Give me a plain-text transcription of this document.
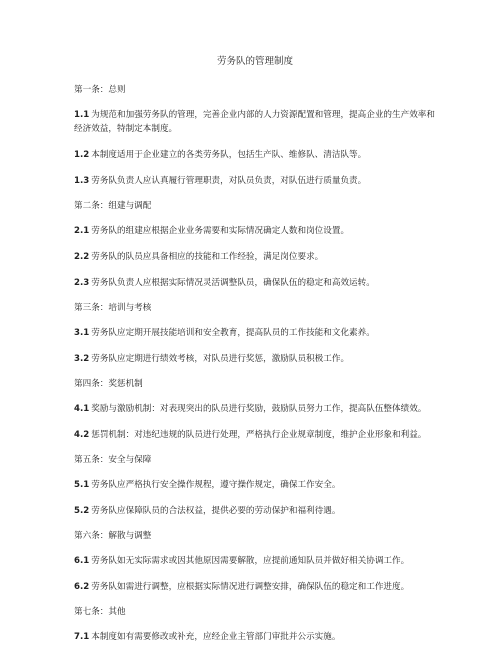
劳务队的管理制度
第一条：总则

1.1 为规范和加强劳务队的管理，完善企业内部的人力资源配置和管理，提高企业的生产效率和经济效益，特制定本制度。

1.2 本制度适用于企业建立的各类劳务队，包括生产队、维修队、清洁队等。

1.3 劳务队负责人应认真履行管理职责，对队员负责，对队伍进行质量负责。

第二条：组建与调配

2.1 劳务队的组建应根据企业业务需要和实际情况确定人数和岗位设置。

2.2 劳务队的队员应具备相应的技能和工作经验，满足岗位要求。

2.3 劳务队负责人应根据实际情况灵活调整队员，确保队伍的稳定和高效运转。

第三条：培训与考核

3.1 劳务队应定期开展技能培训和安全教育，提高队员的工作技能和文化素养。

3.2 劳务队应定期进行绩效考核，对队员进行奖惩，激励队员积极工作。

第四条：奖惩机制

4.1 奖励与激励机制：对表现突出的队员进行奖励，鼓励队员努力工作，提高队伍整体绩效。

4.2 惩罚机制：对违纪违规的队员进行处理，严格执行企业规章制度，维护企业形象和利益。

第五条：安全与保障

5.1 劳务队应严格执行安全操作规程，遵守操作规定，确保工作安全。

5.2 劳务队应保障队员的合法权益，提供必要的劳动保护和福利待遇。

第六条：解散与调整

6.1 劳务队如无实际需求或因其他原因需要解散，应提前通知队员并做好相关协调工作。

6.2 劳务队如需进行调整，应根据实际情况进行调整安排，确保队伍的稳定和工作进度。

第七条：其他

7.1 本制度如有需要修改或补充，应经企业主管部门审批并公示实施。
